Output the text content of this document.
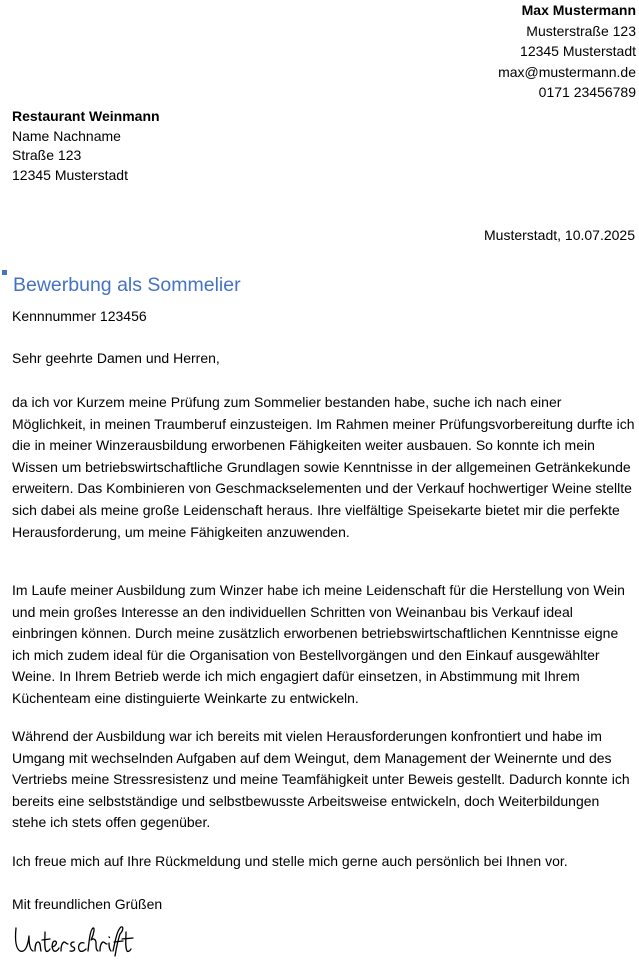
Max Mustermann
Musterstraße 123
12345 Musterstadt
max@mustermann.de
0171 23456789
Restaurant Weinmann
Name Nachname
Straße 123
12345 Musterstadt
Musterstadt, 10.07.2025
Bewerbung als Sommelier
Kennnummer 123456
Sehr geehrte Damen und Herren,

da ich vor Kurzem meine Prüfung zum Sommelier bestanden habe, suche ich nach einer Möglichkeit, in meinen Traumberuf einzusteigen. Im Rahmen meiner Prüfungsvorbereitung durfte ich die in meiner Winzerausbildung erworbenen Fähigkeiten weiter ausbauen. So konnte ich mein Wissen um betriebswirtschaftliche Grundlagen sowie Kenntnisse in der allgemeinen Getränkekunde erweitern. Das Kombinieren von Geschmackselementen und der Verkauf hochwertiger Weine stellte sich dabei als meine große Leidenschaft heraus. Ihre vielfältige Speisekarte bietet mir die perfekte Herausforderung, um meine Fähigkeiten anzuwenden.

Im Laufe meiner Ausbildung zum Winzer habe ich meine Leidenschaft für die Herstellung von Wein und mein großes Interesse an den individuellen Schritten von Weinanbau bis Verkauf ideal einbringen können. Durch meine zusätzlich erworbenen betriebswirtschaftlichen Kenntnisse eigne ich mich zudem ideal für die Organisation von Bestellvorgängen und den Einkauf ausgewählter Weine. In Ihrem Betrieb werde ich mich engagiert dafür einsetzen, in Abstimmung mit Ihrem Küchenteam eine distinguierte Weinkarte zu entwickeln.

Während der Ausbildung war ich bereits mit vielen Herausforderungen konfrontiert und habe im Umgang mit wechselnden Aufgaben auf dem Weingut, dem Management der Weinernte und des Vertriebs meine Stressresistenz und meine Teamfähigkeit unter Beweis gestellt. Dadurch konnte ich bereits eine selbstständige und selbstbewusste Arbeitsweise entwickeln, doch Weiterbildungen stehe ich stets offen gegenüber.

Ich freue mich auf Ihre Rückmeldung und stelle mich gerne auch persönlich bei Ihnen vor.

Mit freundlichen Grüßen
